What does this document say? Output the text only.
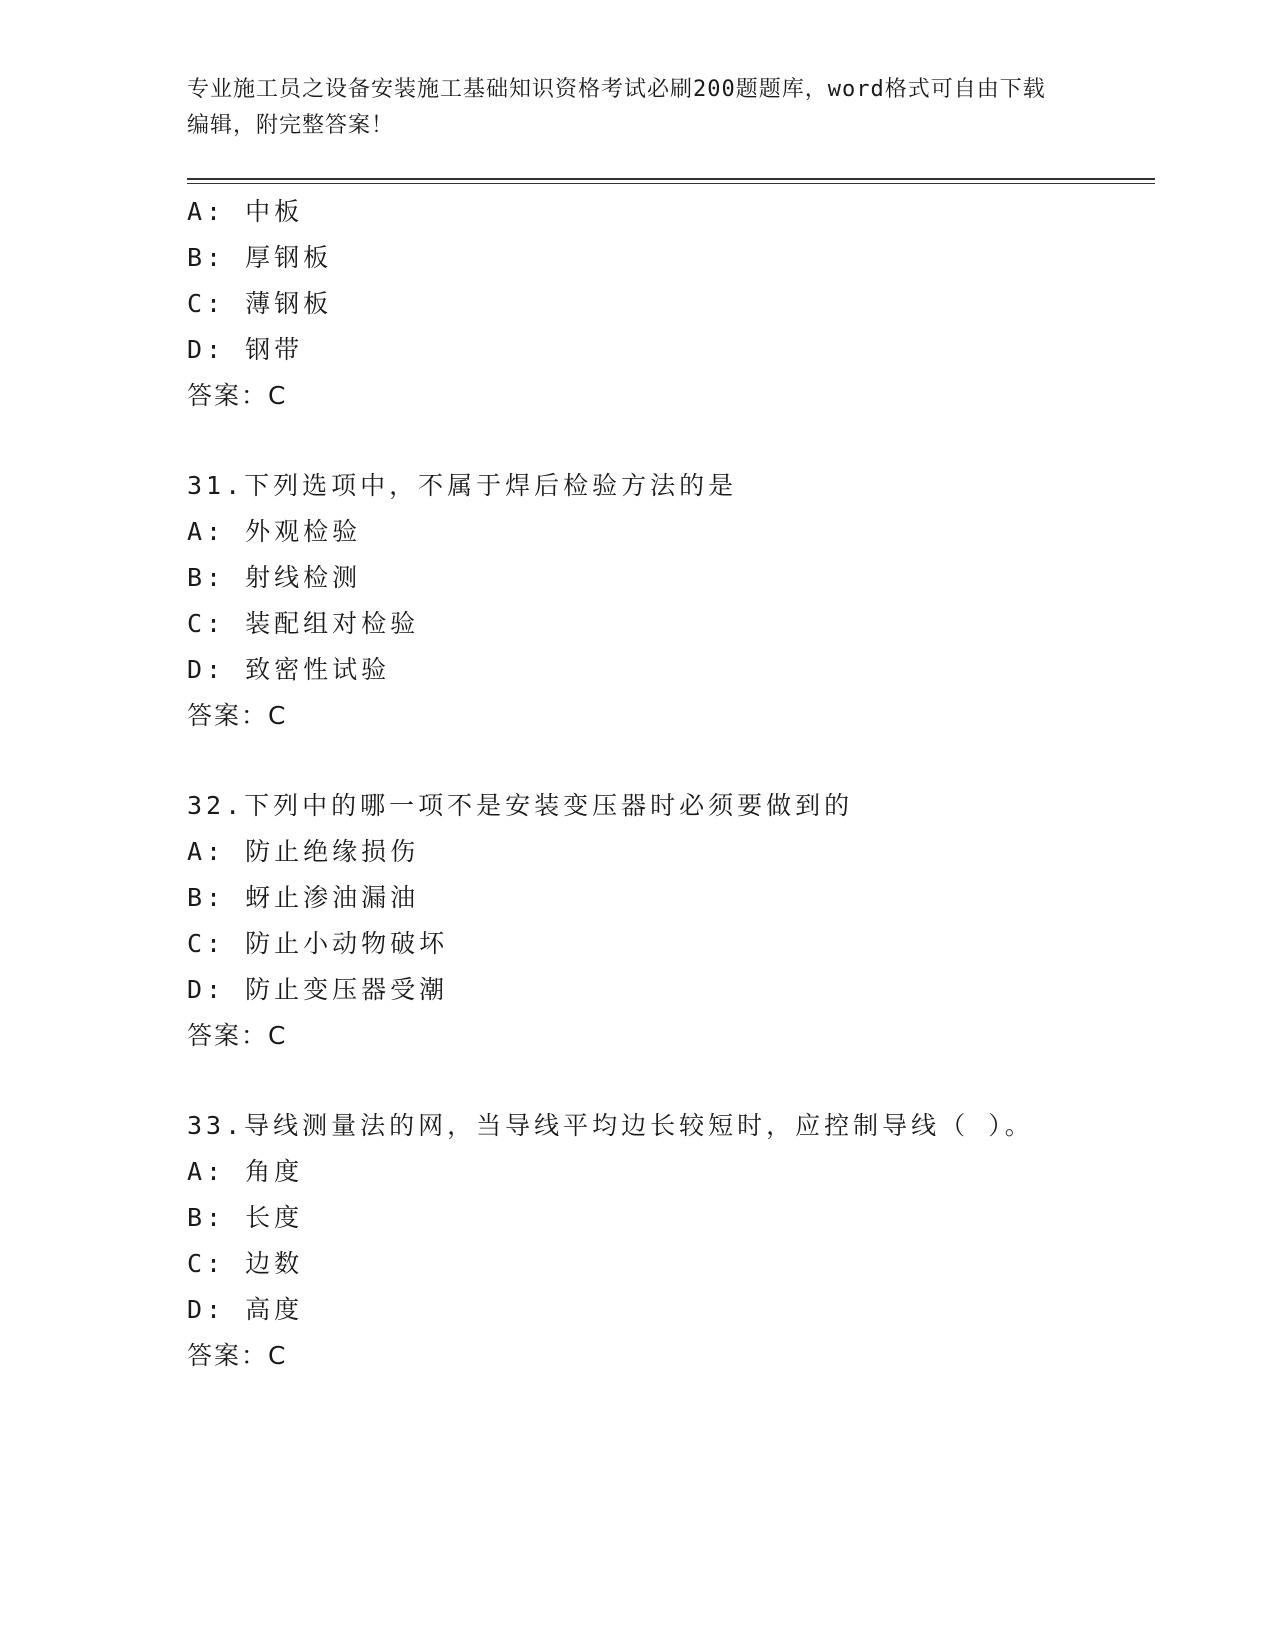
专业施工员之设备安装施工基础知识资格考试必刷200题题库，word格式可自由下载编辑，附完整答案！
A: 中板
B: 厚钢板
C: 薄钢板
D: 钢带
答案：C
31.下列选项中，不属于焊后检验方法的是
A: 外观检验
B: 射线检测
C: 装配组对检验
D: 致密性试验
答案：C
32.下列中的哪一项不是安装变压器时必须要做到的
A: 防止绝缘损伤
B: 蚜止渗油漏油
C: 防止小动物破坏
D: 防止变压器受潮
答案：C
33.导线测量法的网，当导线平均边长较短时，应控制导线（ ）。
A: 角度
B: 长度
C: 边数
D: 高度
答案：C
